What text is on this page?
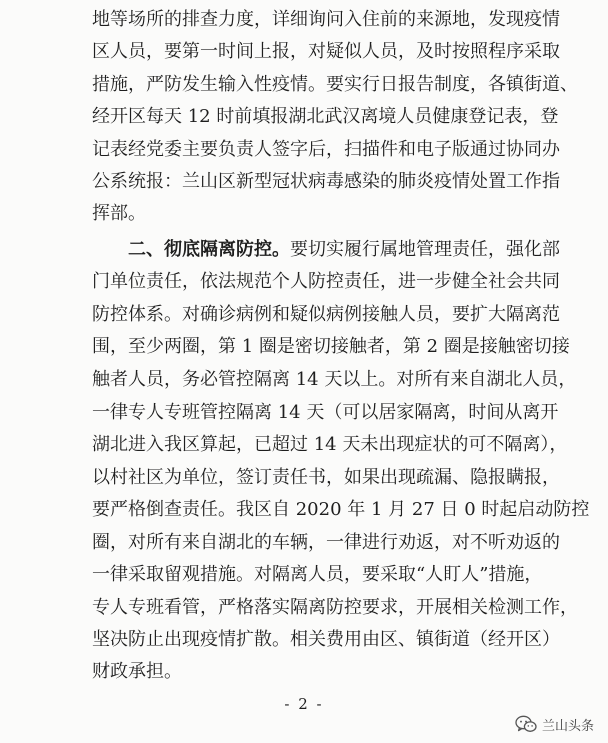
地等场所的排查力度，详细询问入住前的来源地，发现疫情
区人员，要第一时间上报，对疑似人员，及时按照程序采取
措施，严防发生输入性疫情。要实行日报告制度，各镇街道、
经开区每天 12 时前填报湖北武汉离境人员健康登记表，登
记表经党委主要负责人签字后，扫描件和电子版通过协同办
公系统报：兰山区新型冠状病毒感染的肺炎疫情处置工作指
挥部。
二、彻底隔离防控。要切实履行属地管理责任，强化部
门单位责任，依法规范个人防控责任，进一步健全社会共同
防控体系。对确诊病例和疑似病例接触人员，要扩大隔离范
围，至少两圈，第 1 圈是密切接触者，第 2 圈是接触密切接
触者人员，务必管控隔离 14 天以上。对所有来自湖北人员，
一律专人专班管控隔离 14 天（可以居家隔离，时间从离开
湖北进入我区算起，已超过 14 天未出现症状的可不隔离），
以村社区为单位，签订责任书，如果出现疏漏、隐报瞒报，
要严格倒查责任。我区自 2020 年 1 月 27 日 0 时起启动防控
圈，对所有来自湖北的车辆，一律进行劝返，对不听劝返的
一律采取留观措施。对隔离人员，要采取“人盯人”措施，
专人专班看管，严格落实隔离防控要求，开展相关检测工作，
坚决防止出现疫情扩散。相关费用由区、镇街道（经开区）
财政承担。
- 2 -
兰山头条
